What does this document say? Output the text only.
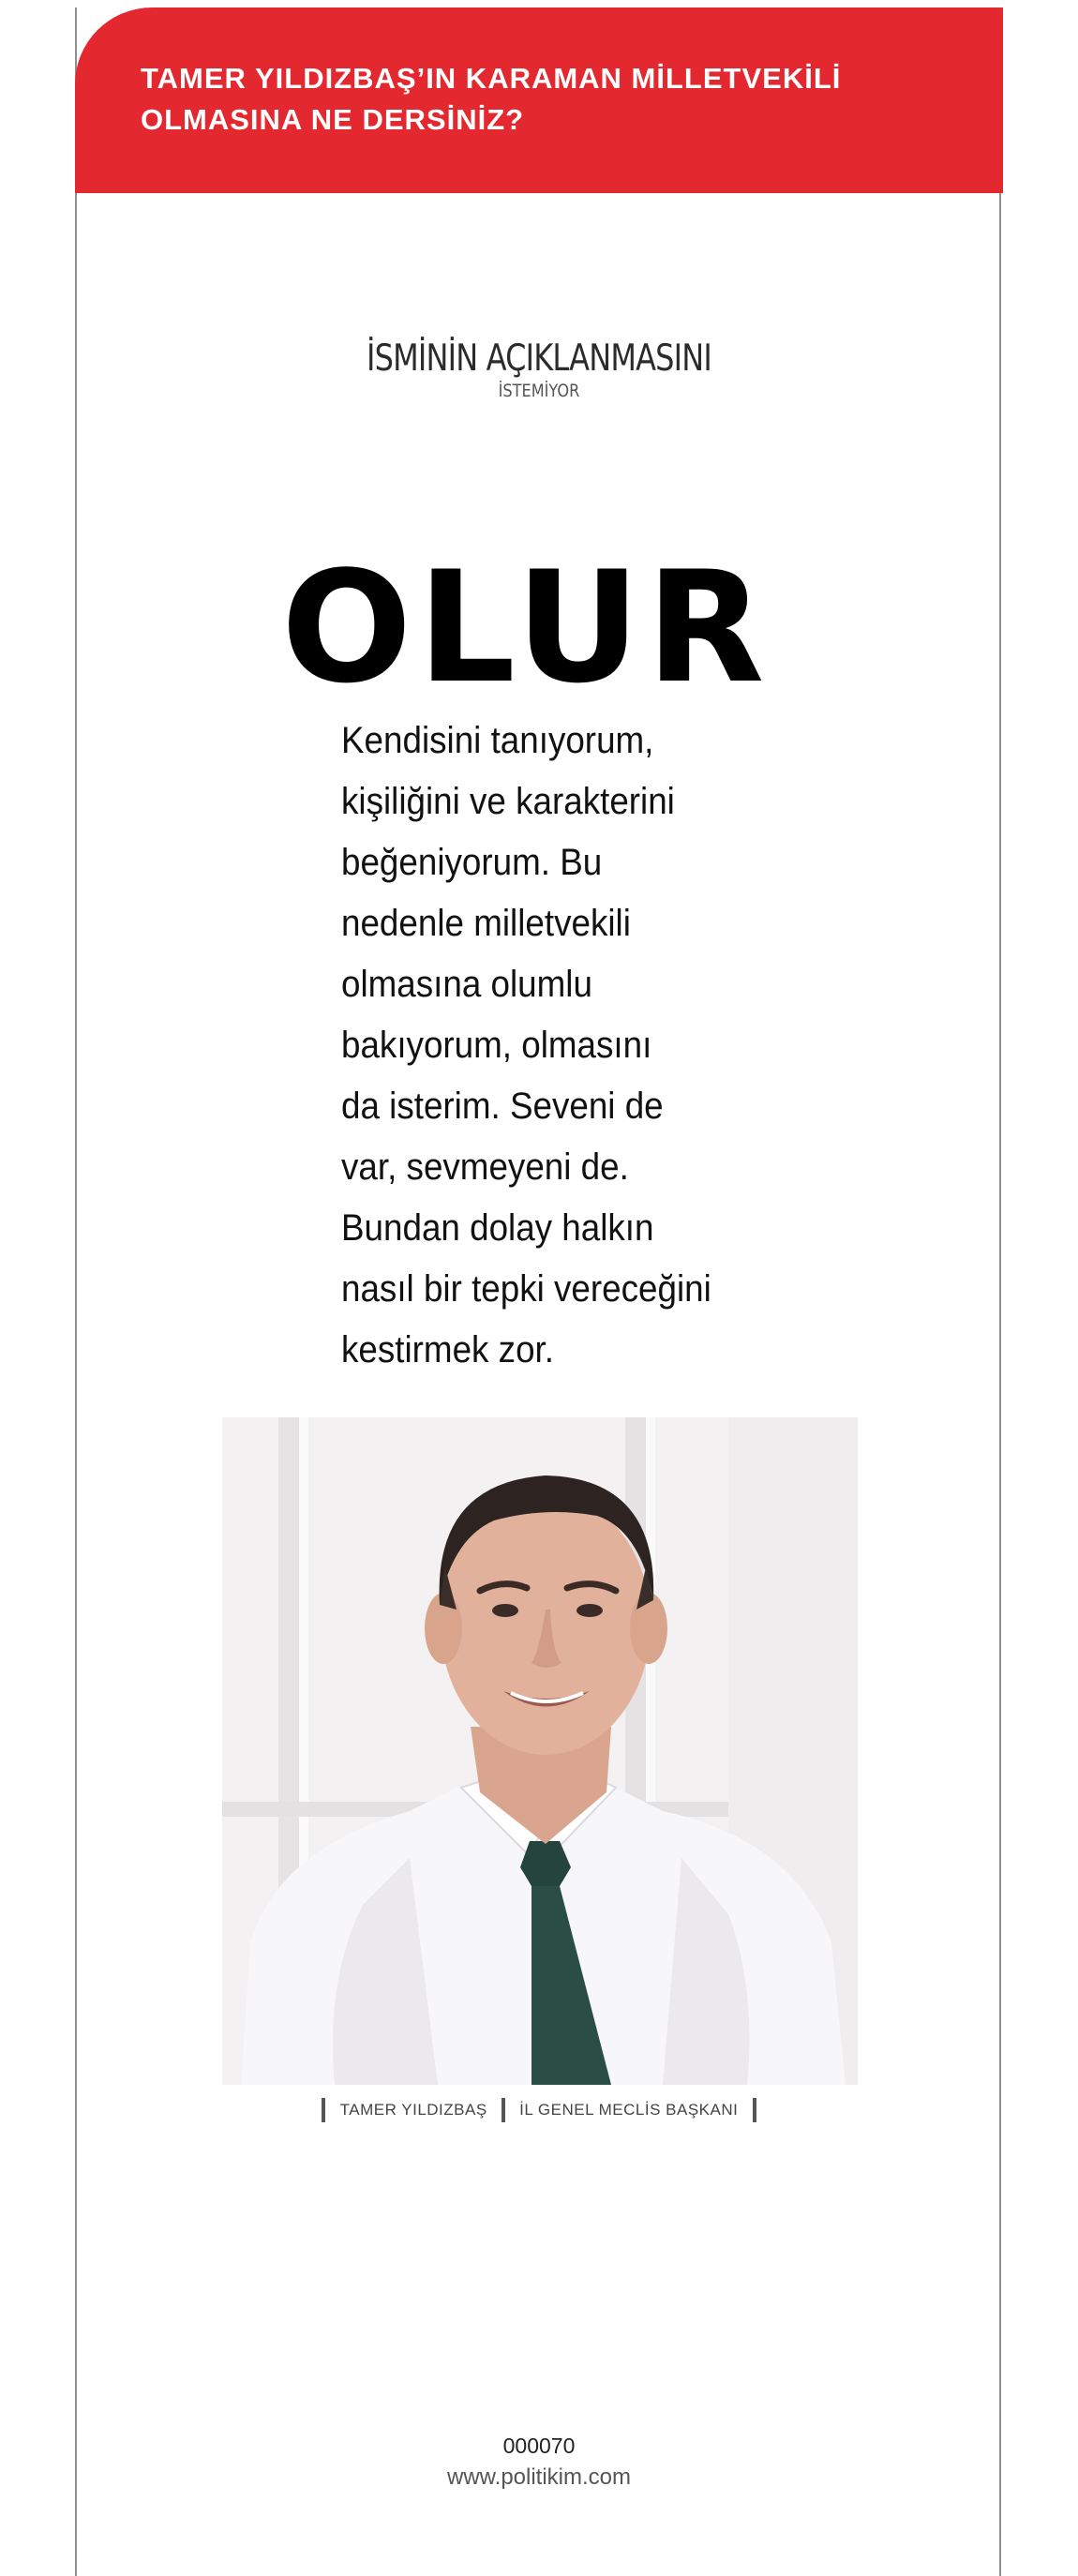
TAMER YILDIZBAŞ’IN KARAMAN MİLLETVEKİLİ
OLMASINA NE DERSİNİZ?

İSMİNİN AÇIKLANMASINI
İSTEMİYOR
OLUR

Kendisini tanıyorum,
kişiliğini ve karakterini
beğeniyorum. Bu
nedenle milletvekili
olmasına olumlu
bakıyorum, olmasını
da isterim. Seveni de
var, sevmeyeni de.
Bundan dolay halkın
nasıl bir tepki vereceğini
kestirmek zor.

TAMER YILDIZBAŞ İL GENEL MECLİS BAŞKANI
000070
www.politikim.com
